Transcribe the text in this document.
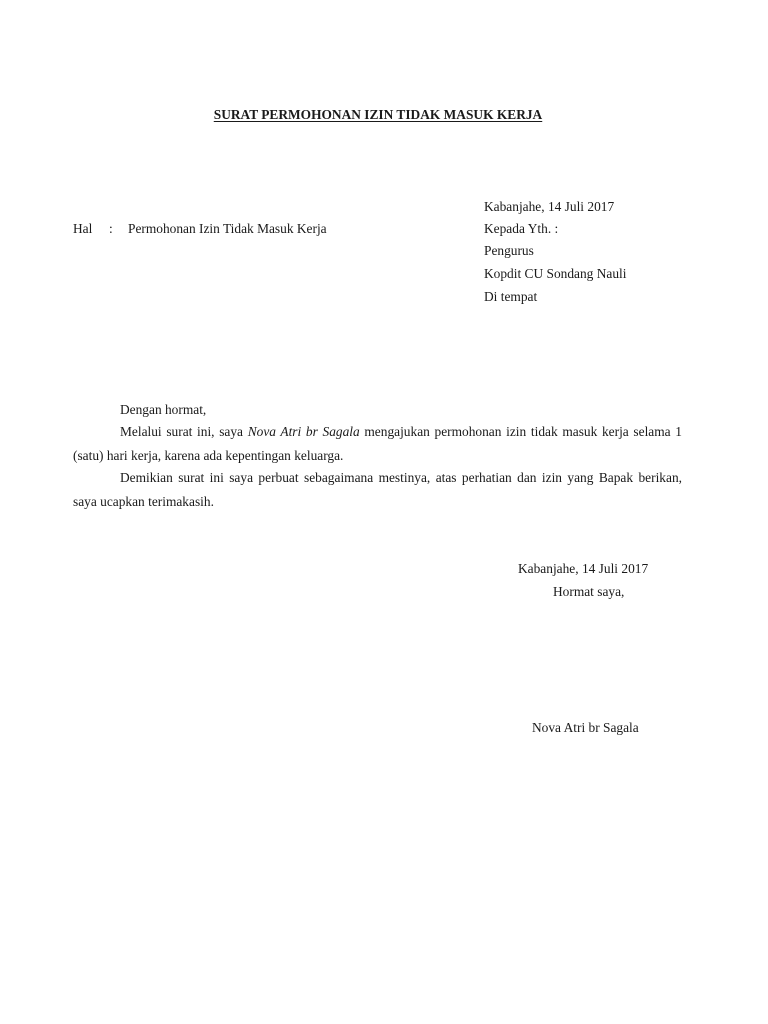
SURAT PERMOHONAN IZIN TIDAK MASUK KERJA
Kabanjahe, 14 Juli 2017
Hal : Permohonan Izin Tidak Masuk Kerja	Kepada Yth. :
Pengurus
Kopdit CU Sondang Nauli
Di tempat
Dengan hormat,
Melalui surat ini, saya Nova Atri br Sagala mengajukan permohonan izin tidak masuk kerja selama 1 (satu) hari kerja, karena ada kepentingan keluarga.
Demikian surat ini saya perbuat sebagaimana mestinya, atas perhatian dan izin yang Bapak berikan, saya ucapkan terimakasih.
Kabanjahe, 14 Juli 2017
Hormat saya,
Nova Atri br Sagala
